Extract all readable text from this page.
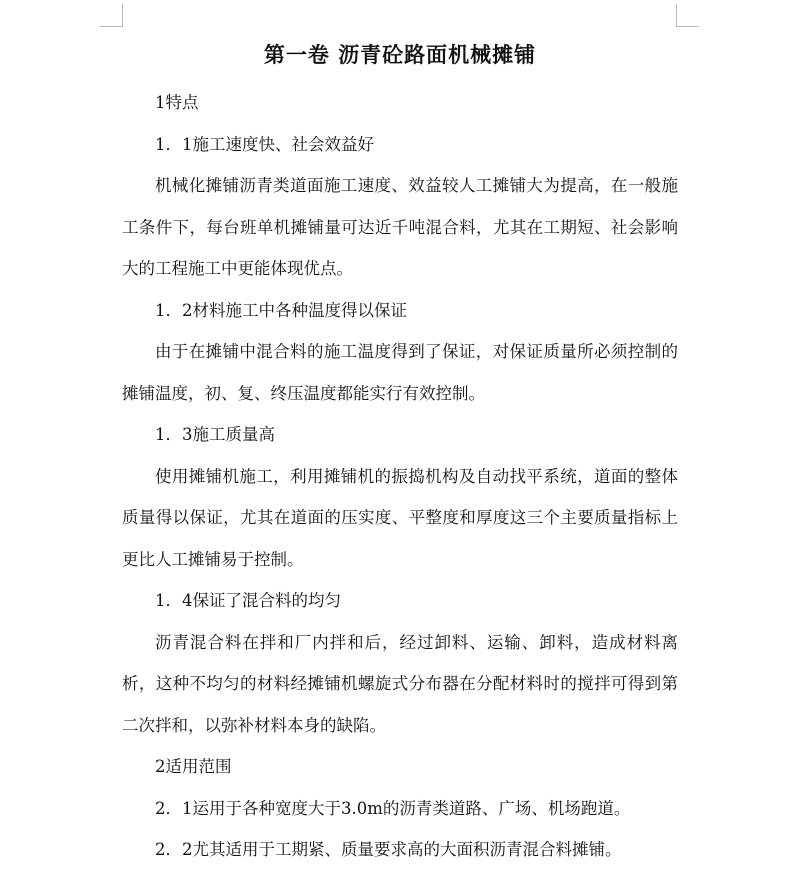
第一卷 沥青砼路面机械摊铺

1特点

1．1施工速度快、社会效益好

机械化摊铺沥青类道面施工速度、效益较人工摊铺大为提高，在一般施工条件下，每台班单机摊铺量可达近千吨混合料，尤其在工期短、社会影响大的工程施工中更能体现优点。

1．2材料施工中各种温度得以保证

由于在摊铺中混合料的施工温度得到了保证，对保证质量所必须控制的摊铺温度，初、复、终压温度都能实行有效控制。

1．3施工质量高

使用摊铺机施工，利用摊铺机的振捣机构及自动找平系统，道面的整体质量得以保证，尤其在道面的压实度、平整度和厚度这三个主要质量指标上更比人工摊铺易于控制。

1．4保证了混合料的均匀

沥青混合料在拌和厂内拌和后，经过卸料、运输、卸料，造成材料离析，这种不均匀的材料经摊铺机螺旋式分布器在分配材料时的搅拌可得到第二次拌和，以弥补材料本身的缺陷。

2适用范围

2．1运用于各种宽度大于3.0m的沥青类道路、广场、机场跑道。

2．2尤其适用于工期紧、质量要求高的大面积沥青混合料摊铺。
